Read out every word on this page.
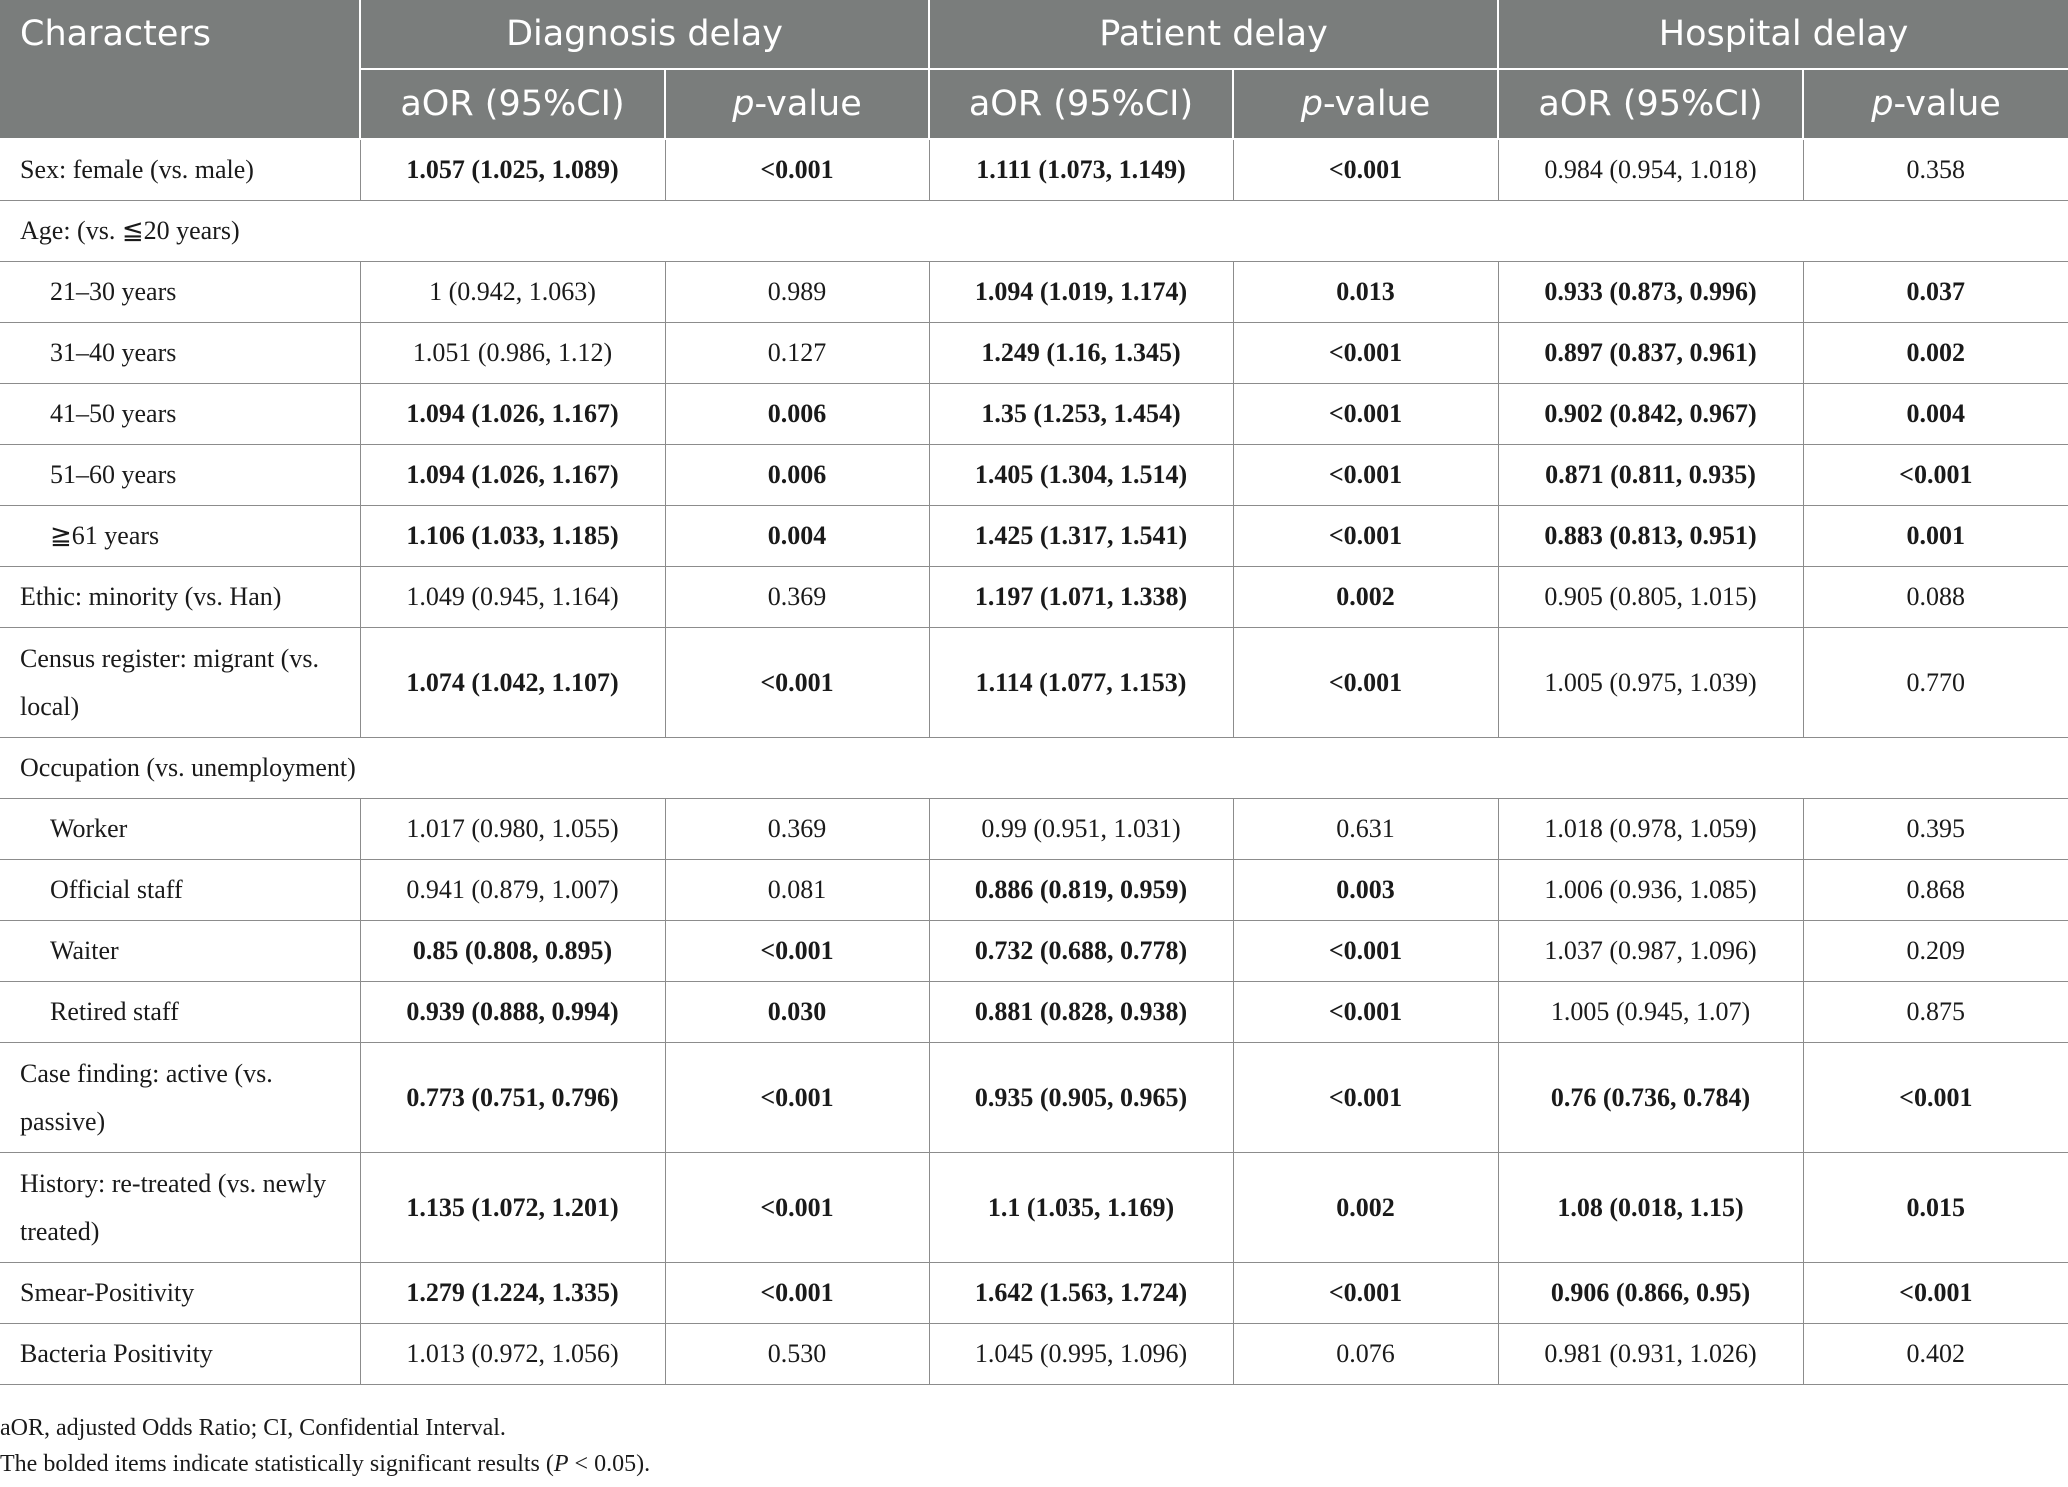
Characters	Diagnosis delay		Patient delay		Hospital delay	
	aOR (95%CI)	p-value	aOR (95%CI)	p-value	aOR (95%CI)	p-value
Sex: female (vs. male)	1.057 (1.025, 1.089)	<0.001	1.111 (1.073, 1.149)	<0.001	0.984 (0.954, 1.018)	0.358
Age: (vs. ≦20 years)						
21–30 years	1 (0.942, 1.063)	0.989	1.094 (1.019, 1.174)	0.013	0.933 (0.873, 0.996)	0.037
31–40 years	1.051 (0.986, 1.12)	0.127	1.249 (1.16, 1.345)	<0.001	0.897 (0.837, 0.961)	0.002
41–50 years	1.094 (1.026, 1.167)	0.006	1.35 (1.253, 1.454)	<0.001	0.902 (0.842, 0.967)	0.004
51–60 years	1.094 (1.026, 1.167)	0.006	1.405 (1.304, 1.514)	<0.001	0.871 (0.811, 0.935)	<0.001
≧61 years	1.106 (1.033, 1.185)	0.004	1.425 (1.317, 1.541)	<0.001	0.883 (0.813, 0.951)	0.001
Ethic: minority (vs. Han)	1.049 (0.945, 1.164)	0.369	1.197 (1.071, 1.338)	0.002	0.905 (0.805, 1.015)	0.088
Census register: migrant (vs. local)	1.074 (1.042, 1.107)	<0.001	1.114 (1.077, 1.153)	<0.001	1.005 (0.975, 1.039)	0.770
Occupation (vs. unemployment)						
Worker	1.017 (0.980, 1.055)	0.369	0.99 (0.951, 1.031)	0.631	1.018 (0.978, 1.059)	0.395
Official staff	0.941 (0.879, 1.007)	0.081	0.886 (0.819, 0.959)	0.003	1.006 (0.936, 1.085)	0.868
Waiter	0.85 (0.808, 0.895)	<0.001	0.732 (0.688, 0.778)	<0.001	1.037 (0.987, 1.096)	0.209
Retired staff	0.939 (0.888, 0.994)	0.030	0.881 (0.828, 0.938)	<0.001	1.005 (0.945, 1.07)	0.875
Case finding: active (vs. passive)	0.773 (0.751, 0.796)	<0.001	0.935 (0.905, 0.965)	<0.001	0.76 (0.736, 0.784)	<0.001
History: re-treated (vs. newly treated)	1.135 (1.072, 1.201)	<0.001	1.1 (1.035, 1.169)	0.002	1.08 (0.018, 1.15)	0.015
Smear-Positivity	1.279 (1.224, 1.335)	<0.001	1.642 (1.563, 1.724)	<0.001	0.906 (0.866, 0.95)	<0.001
Bacteria Positivity	1.013 (0.972, 1.056)	0.530	1.045 (0.995, 1.096)	0.076	0.981 (0.931, 1.026)	0.402
aOR, adjusted Odds Ratio; CI, Confidential Interval.
The bolded items indicate statistically significant results (P < 0.05).
